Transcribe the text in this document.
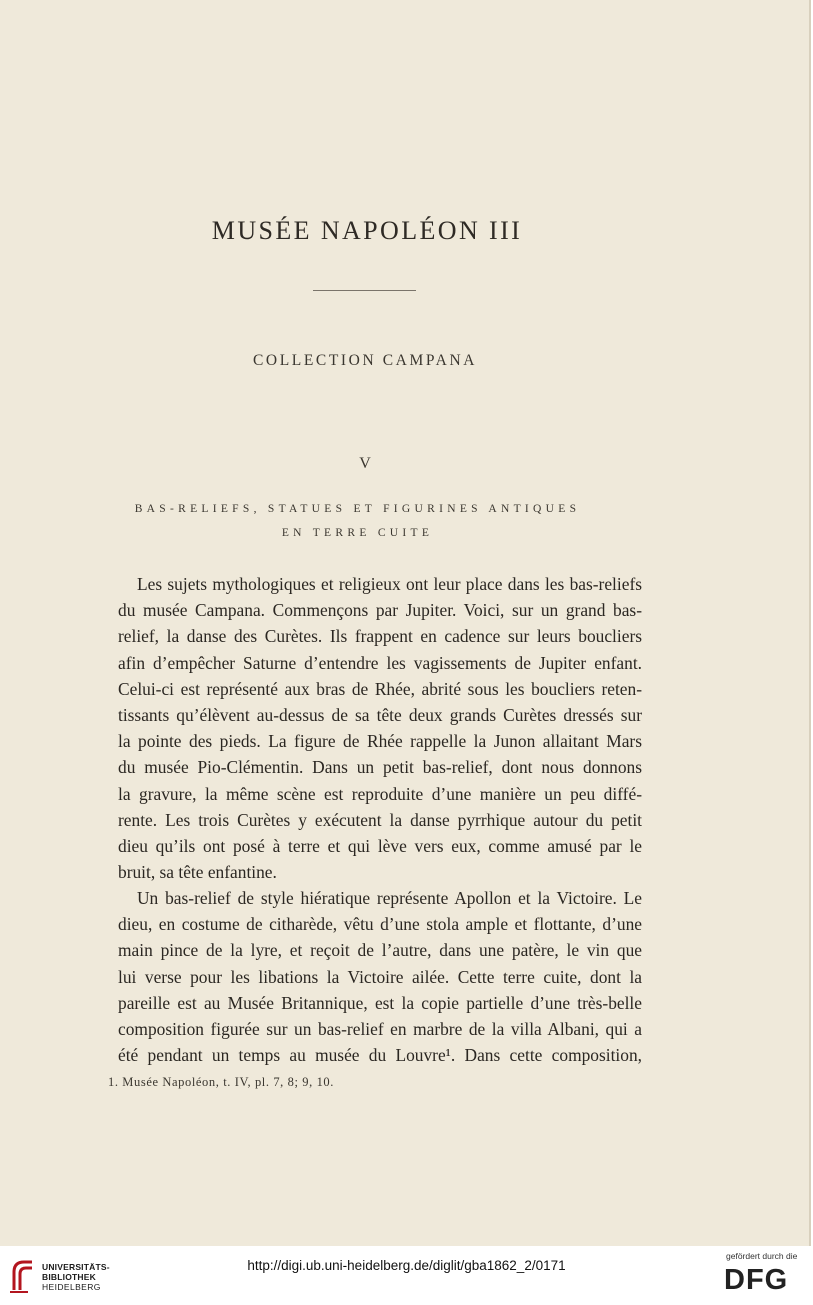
MUSÉE NAPOLÉON III
COLLECTION CAMPANA
V
BAS-RELIEFS, STATUES ET FIGURINES ANTIQUES
EN TERRE CUITE
Les sujets mythologiques et religieux ont leur place dans les bas-reliefs
du musée Campana. Commençons par Jupiter. Voici, sur un grand bas-
relief, la danse des Curètes. Ils frappent en cadence sur leurs boucliers
afin d’empêcher Saturne d’entendre les vagissements de Jupiter enfant.
Celui-ci est représenté aux bras de Rhée, abrité sous les boucliers reten-
tissants qu’élèvent au-dessus de sa tête deux grands Curètes dressés sur
la pointe des pieds. La figure de Rhée rappelle la Junon allaitant Mars
du musée Pio-Clémentin. Dans un petit bas-relief, dont nous donnons
la gravure, la même scène est reproduite d’une manière un peu diffé-
rente. Les trois Curètes y exécutent la danse pyrrhique autour du petit
dieu qu’ils ont posé à terre et qui lève vers eux, comme amusé par le
bruit, sa tête enfantine.
Un bas-relief de style hiératique représente Apollon et la Victoire. Le
dieu, en costume de citharède, vêtu d’une stola ample et flottante, d’une
main pince de la lyre, et reçoit de l’autre, dans une patère, le vin que
lui verse pour les libations la Victoire ailée. Cette terre cuite, dont la
pareille est au Musée Britannique, est la copie partielle d’une très-belle
composition figurée sur un bas-relief en marbre de la villa Albani, qui a
été pendant un temps au musée du Louvre¹. Dans cette composition,
1. Musée Napoléon, t. IV, pl. 7, 8; 9, 10.
UNIVERSITÄTS-
BIBLIOTHEK
HEIDELBERG
http://digi.ub.uni-heidelberg.de/diglit/gba1862_2/0171
gefördert durch die
DFG
